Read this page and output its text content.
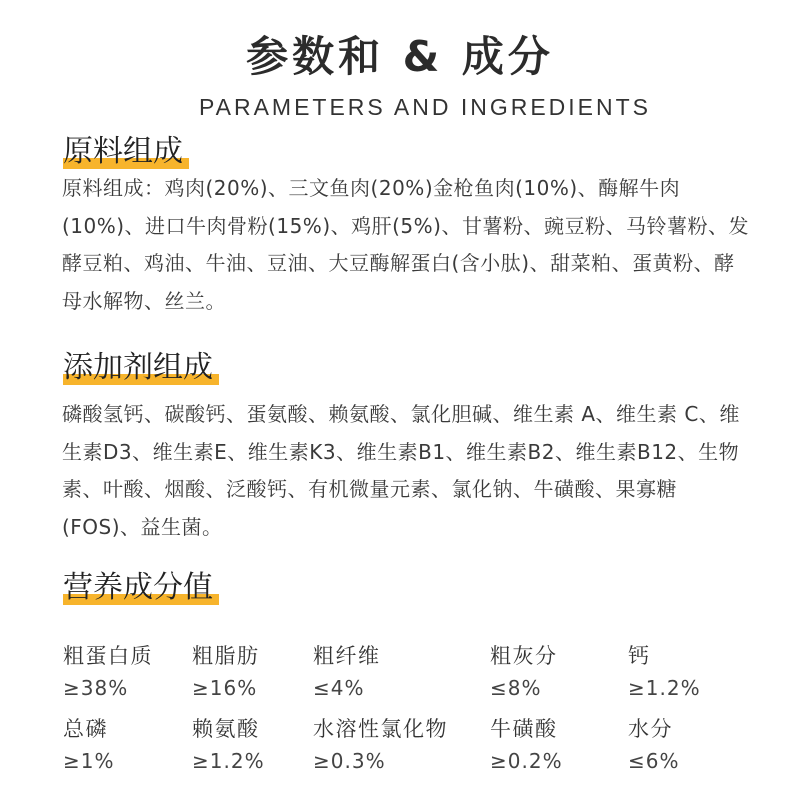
参数和 & 成分
PARAMETERS AND INGREDIENTS
原料组成

原料组成：鸡肉(20%)、三文鱼肉(20%)金枪鱼肉(10%)、酶解牛肉(10%)、进口牛肉骨粉(15%)、鸡肝(5%)、甘薯粉、豌豆粉、马铃薯粉、发酵豆粕、鸡油、牛油、豆油、大豆酶解蛋白(含小肽)、甜菜粕、蛋黄粉、酵母水解物、丝兰。

添加剂组成

磷酸氢钙、碳酸钙、蛋氨酸、赖氨酸、氯化胆碱、维生素 A、维生素 C、维生素D3、维生素E、维生素K3、维生素B1、维生素B2、维生素B12、生物素、叶酸、烟酸、泛酸钙、有机微量元素、氯化钠、牛磺酸、果寡糖(FOS)、益生菌。

营养成分值
粗蛋白质
≥38%
粗脂肪
≥16%
粗纤维
≤4%
粗灰分
≤8%
钙
≥1.2%
总磷
≥1%
赖氨酸
≥1.2%
水溶性氯化物
≥0.3%
牛磺酸
≥0.2%
水分
≤6%
